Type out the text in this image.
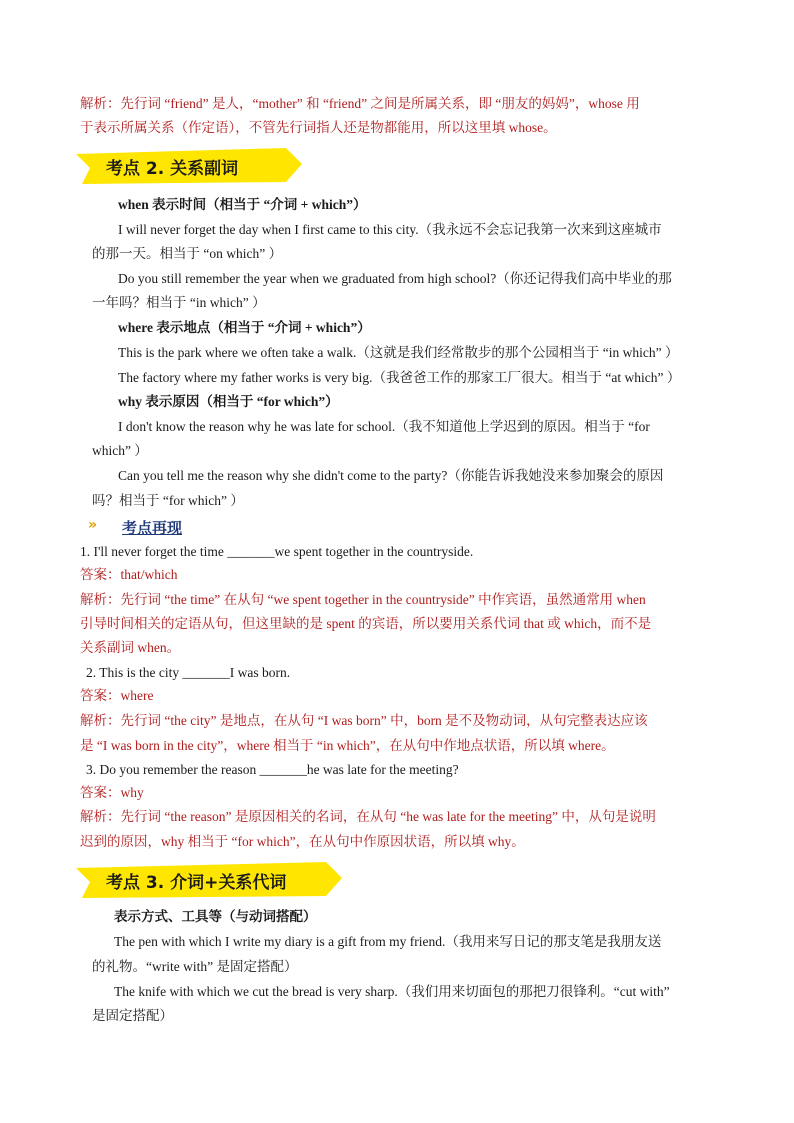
解析：先行词 “friend” 是人，“mother” 和 “friend” 之间是所属关系，即 “朋友的妈妈”，whose 用
于表示所属关系（作定语），不管先行词指人还是物都能用，所以这里填 whose。
考点 2. 关系副词
when 表示时间（相当于 “介词 + which”）
I will never forget the day when I first came to this city.（我永远不会忘记我第一次来到这座城市
的那一天。相当于 “on which” ）
Do you still remember the year when we graduated from high school?（你还记得我们高中毕业的那
一年吗？相当于 “in which” ）
where 表示地点（相当于 “介词 + which”）
This is the park where we often take a walk.（这就是我们经常散步的那个公园相当于 “in which” ）
The factory where my father works is very big.（我爸爸工作的那家工厂很大。相当于 “at which” ）
why 表示原因（相当于 “for which”）
I don't know the reason why he was late for school.（我不知道他上学迟到的原因。相当于 “for
which” ）
Can you tell me the reason why she didn't come to the party?（你能告诉我她没来参加聚会的原因
吗？相当于 “for which” ）
» 考点再现
1. I'll never forget the time _______we spent together in the countryside.
答案：that/which
解析：先行词 “the time” 在从句 “we spent together in the countryside” 中作宾语，虽然通常用 when
引导时间相关的定语从句，但这里缺的是 spent 的宾语，所以要用关系代词 that 或 which，而不是
关系副词 when。
2. This is the city _______I was born.
答案：where
解析：先行词 “the city” 是地点，在从句 “I was born” 中，born 是不及物动词，从句完整表达应该
是 “I was born in the city”，where 相当于 “in which”，在从句中作地点状语，所以填 where。
3. Do you remember the reason _______he was late for the meeting?
答案：why
解析：先行词 “the reason” 是原因相关的名词，在从句 “he was late for the meeting” 中，从句是说明
迟到的原因，why 相当于 “for which”，在从句中作原因状语，所以填 why。
考点 3. 介词+关系代词
表示方式、工具等（与动词搭配）
The pen with which I write my diary is a gift from my friend.（我用来写日记的那支笔是我朋友送
的礼物。“write with” 是固定搭配）
The knife with which we cut the bread is very sharp.（我们用来切面包的那把刀很锋利。“cut with”
是固定搭配）
